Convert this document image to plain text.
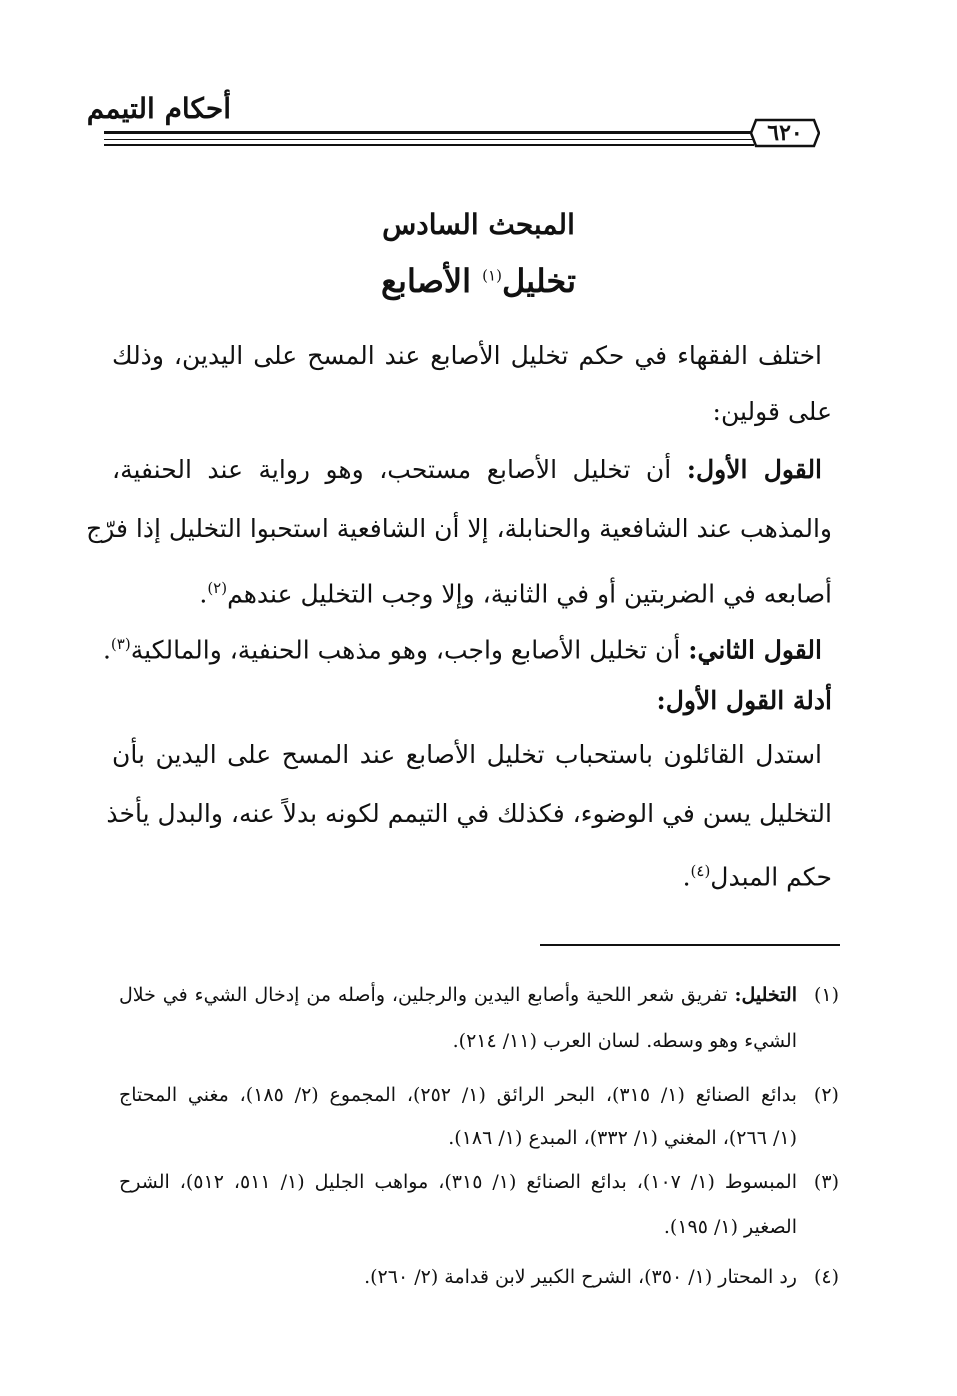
أحكام التيمم
٦٢٠
المبحث السادس
تخليل$^{(١)}$ الأصابع
اختلف الفقهاء في حكم تخليل الأصابع عند المسح على اليدين، وذلك
على قولين:
القول الأول: أن تخليل الأصابع مستحب، وهو رواية عند الحنفية،
والمذهب عند الشافعية والحنابلة، إلا أن الشافعية استحبوا التخليل إذا فرّج
أصابعه في الضربتين أو في الثانية، وإلا وجب التخليل عندهم$^{(٢)}$.
القول الثاني: أن تخليل الأصابع واجب، وهو مذهب الحنفية، والمالكية$^{(٣)}$.
أدلة القول الأول:
استدل القائلون باستحباب تخليل الأصابع عند المسح على اليدين بأن
التخليل يسن في الوضوء، فكذلك في التيمم لكونه بدلاً عنه، والبدل يأخذ
حكم المبدل$^{(٤)}$.
(١)التخليل: تفريق شعر اللحية وأصابع اليدين والرجلين، وأصله من إدخال الشيء في خلال
الشيء وهو وسطه. لسان العرب (١١/ ٢١٤).
(٢)بدائع الصنائع (١/ ٣١٥)، البحر الرائق (١/ ٢٥٢)، المجموع (٢/ ١٨٥)، مغني المحتاج
(١/ ٢٦٦)، المغني (١/ ٣٣٢)، المبدع (١/ ١٨٦).
(٣)المبسوط (١/ ١٠٧)، بدائع الصنائع (١/ ٣١٥)، مواهب الجليل (١/ ٥١١، ٥١٢)، الشرح
الصغير (١/ ١٩٥).
(٤)رد المحتار (١/ ٣٥٠)، الشرح الكبير لابن قدامة (٢/ ٢٦٠).
